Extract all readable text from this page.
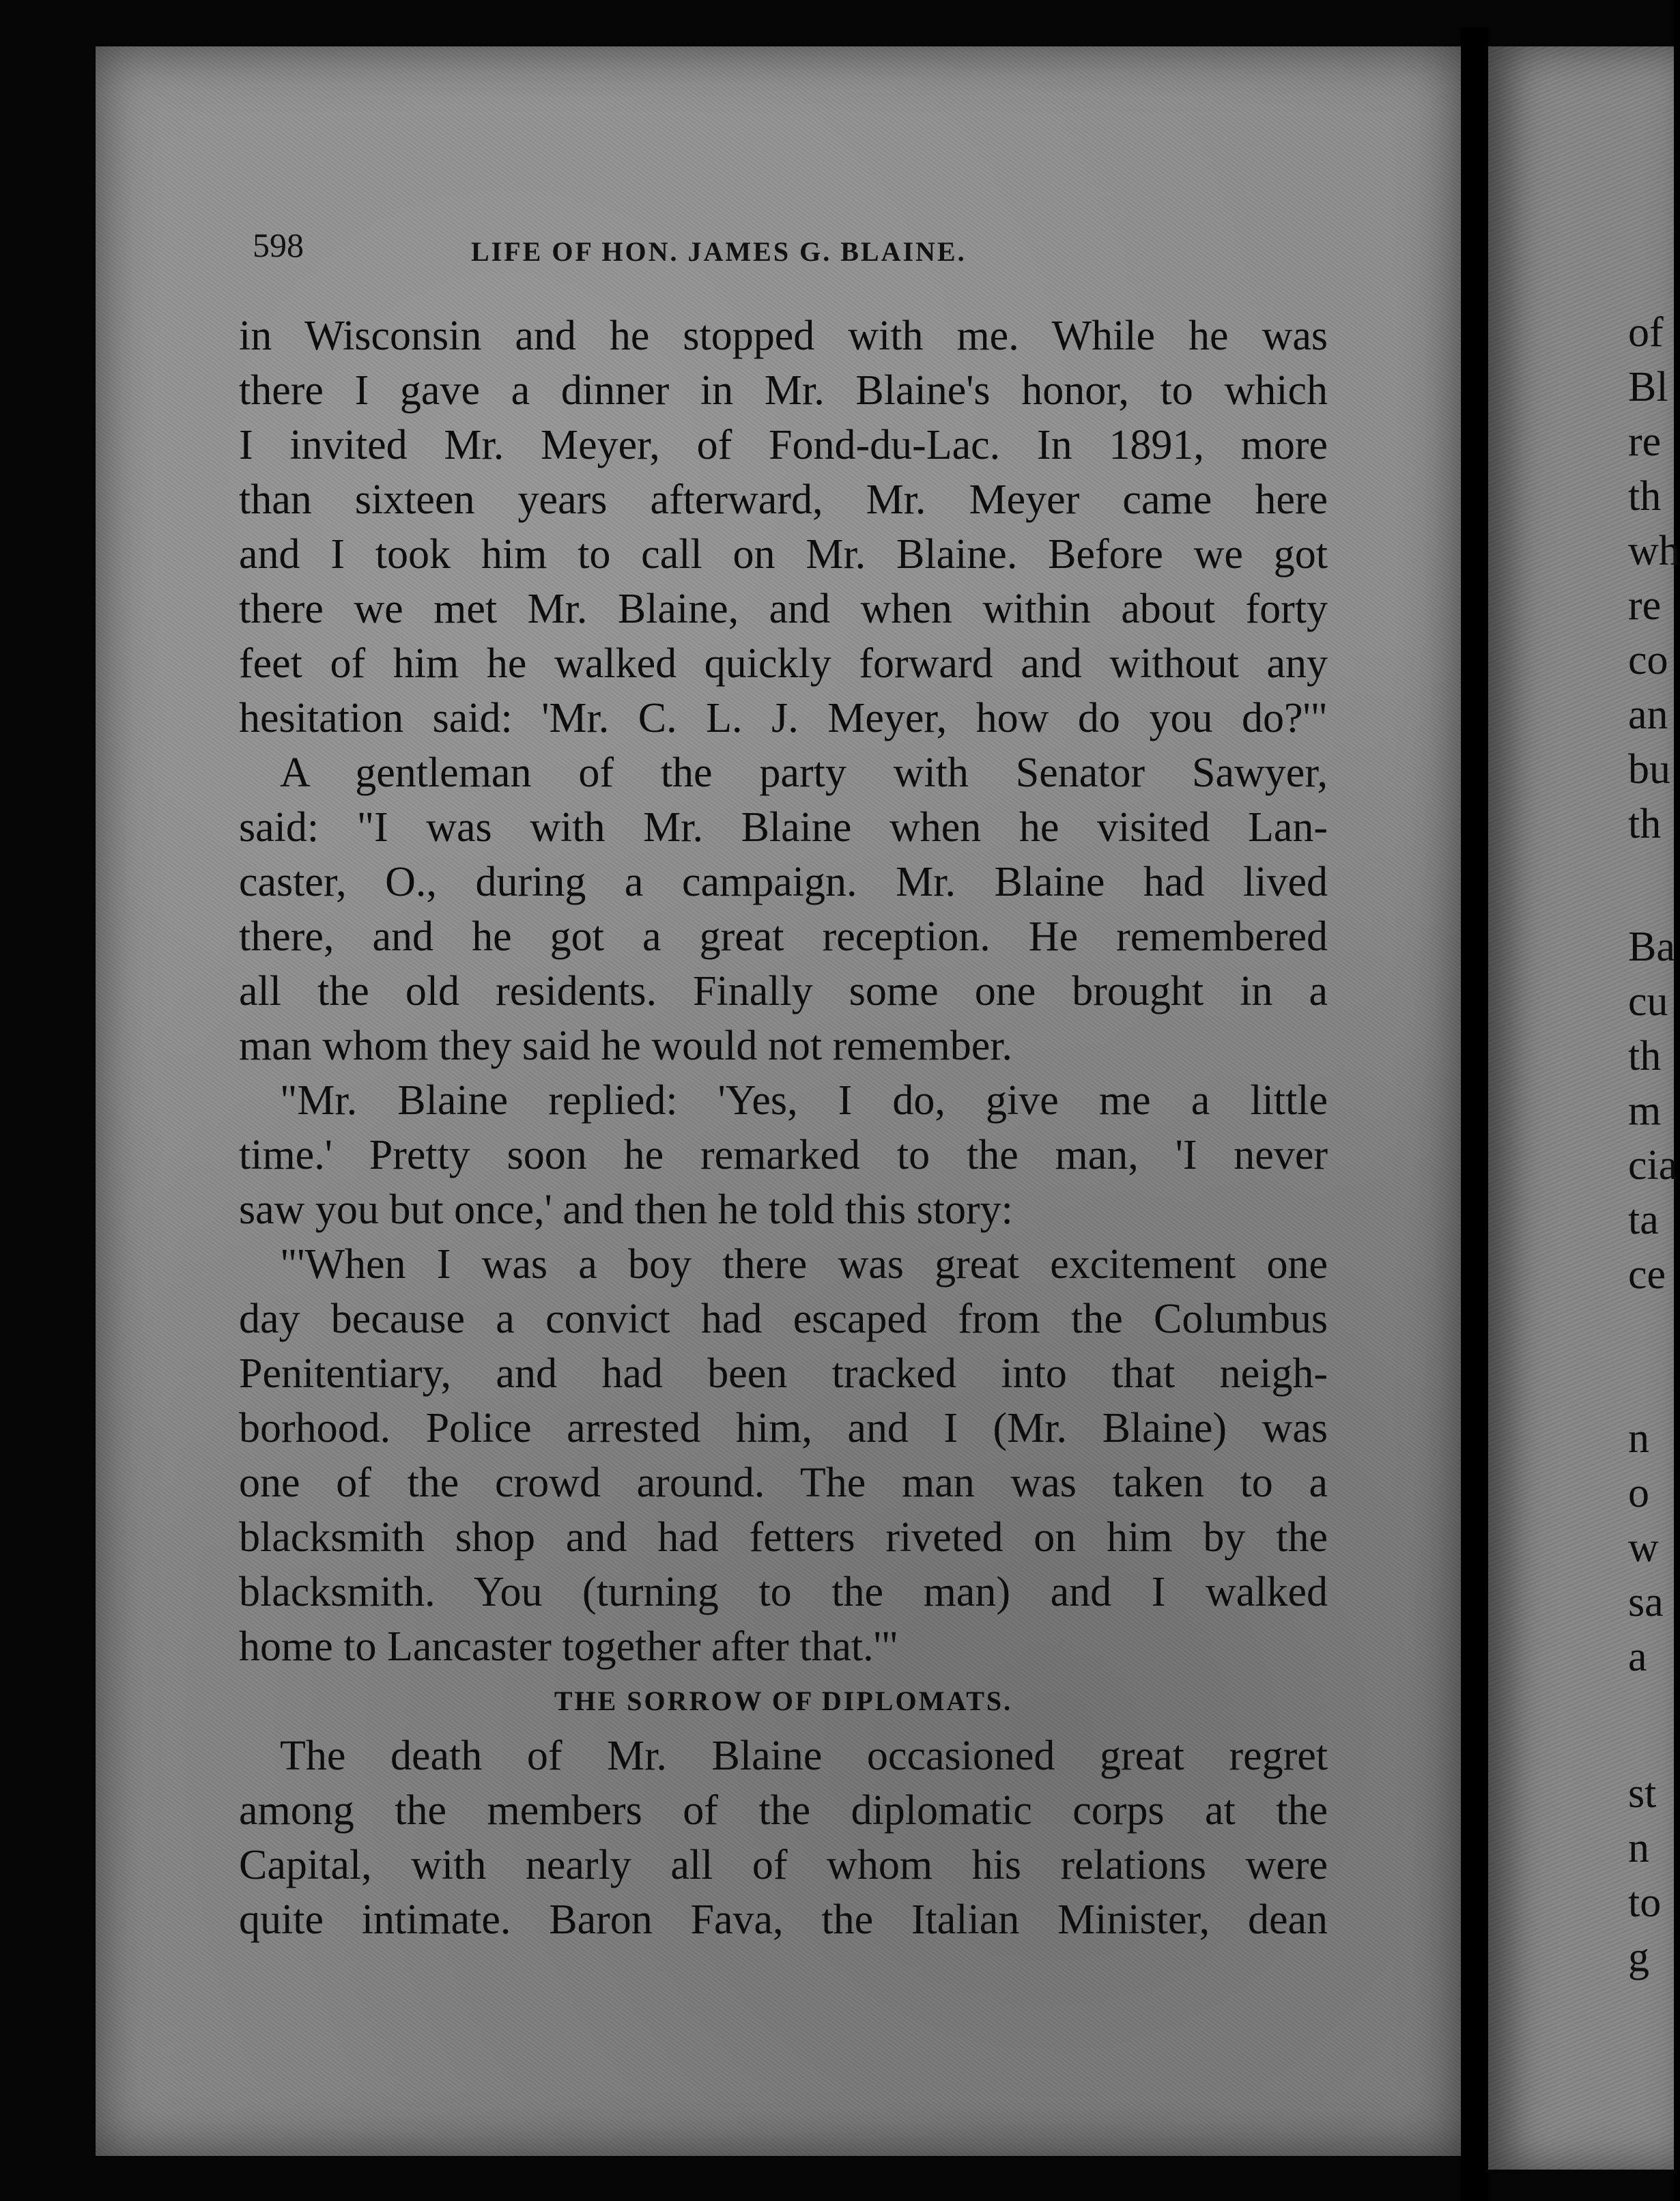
598	LIFE OF HON. JAMES G. BLAINE.
in Wisconsin and he stopped with me. While he was
there I gave a dinner in Mr. Blaine's honor, to which
I invited Mr. Meyer, of Fond-du-Lac. In 1891, more
than sixteen years afterward, Mr. Meyer came here
and I took him to call on Mr. Blaine. Before we got
there we met Mr. Blaine, and when within about forty
feet of him he walked quickly forward and without any
hesitation said: 'Mr. C. L. J. Meyer, how do you do?'"
A gentleman of the party with Senator Sawyer,
said: "I was with Mr. Blaine when he visited Lan-
caster, O., during a campaign. Mr. Blaine had lived
there, and he got a great reception. He remembered
all the old residents. Finally some one brought in a
man whom they said he would not remember.
"Mr. Blaine replied: 'Yes, I do, give me a little
time.' Pretty soon he remarked to the man, 'I never
saw you but once,' and then he told this story:
"'When I was a boy there was great excitement one
day because a convict had escaped from the Columbus
Penitentiary, and had been tracked into that neigh-
borhood. Police arrested him, and I (Mr. Blaine) was
one of the crowd around. The man was taken to a
blacksmith shop and had fetters riveted on him by the
blacksmith. You (turning to the man) and I walked
home to Lancaster together after that.'"
THE SORROW OF DIPLOMATS.
The death of Mr. Blaine occasioned great regret
among the members of the diplomatic corps at the
Capital, with nearly all of whom his relations were
quite intimate. Baron Fava, the Italian Minister, dean
of
Bl
re
th
wh
re
co
an
bu
th
Ba
cu
th
m
cia
ta
ce
n
o
w
sa
a
st
n
to
g
